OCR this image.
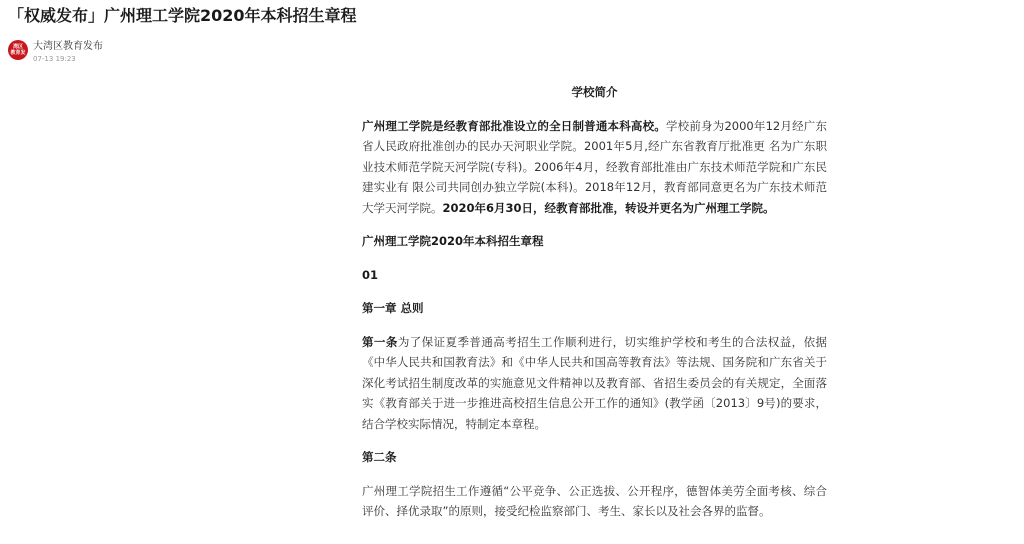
「权威发布」广州理工学院2020年本科招生章程
湾区
教育发
大湾区教育发布
07-13 19:23
学校简介

广州理工学院是经教育部批准设立的全日制普通本科高校。学校前身为2000年12月经广东省人民政府批准创办的民办天河职业学院。2001年5月,经广东省教育厅批准更 名为广东职业技术师范学院天河学院(专科)。2006年4月，经教育部批准由广东技术师范学院和广东民建实业有 限公司共同创办独立学院(本科)。2018年12月，教育部同意更名为广东技术师范大学天河学院。2020年6月30日，经教育部批准，转设并更名为广州理工学院。

广州理工学院2020年本科招生章程
01
第一章 总则

第一条为了保证夏季普通高考招生工作顺利进行，切实维护学校和考生的合法权益，依据《中华人民共和国教育法》和《中华人民共和国高等教育法》等法规、国务院和广东省关于深化考试招生制度改革的实施意见文件精神以及教育部、省招生委员会的有关规定，全面落实《教育部关于进一步推进高校招生信息公开工作的通知》(教学函〔2013〕9号)的要求，结合学校实际情况，特制定本章程。

第二条

广州理工学院招生工作遵循“公平竞争、公正选拔、公开程序，德智体美劳全面考核、综合评价、择优录取”的原则，接受纪检监察部门、考生、家长以及社会各界的监督。
